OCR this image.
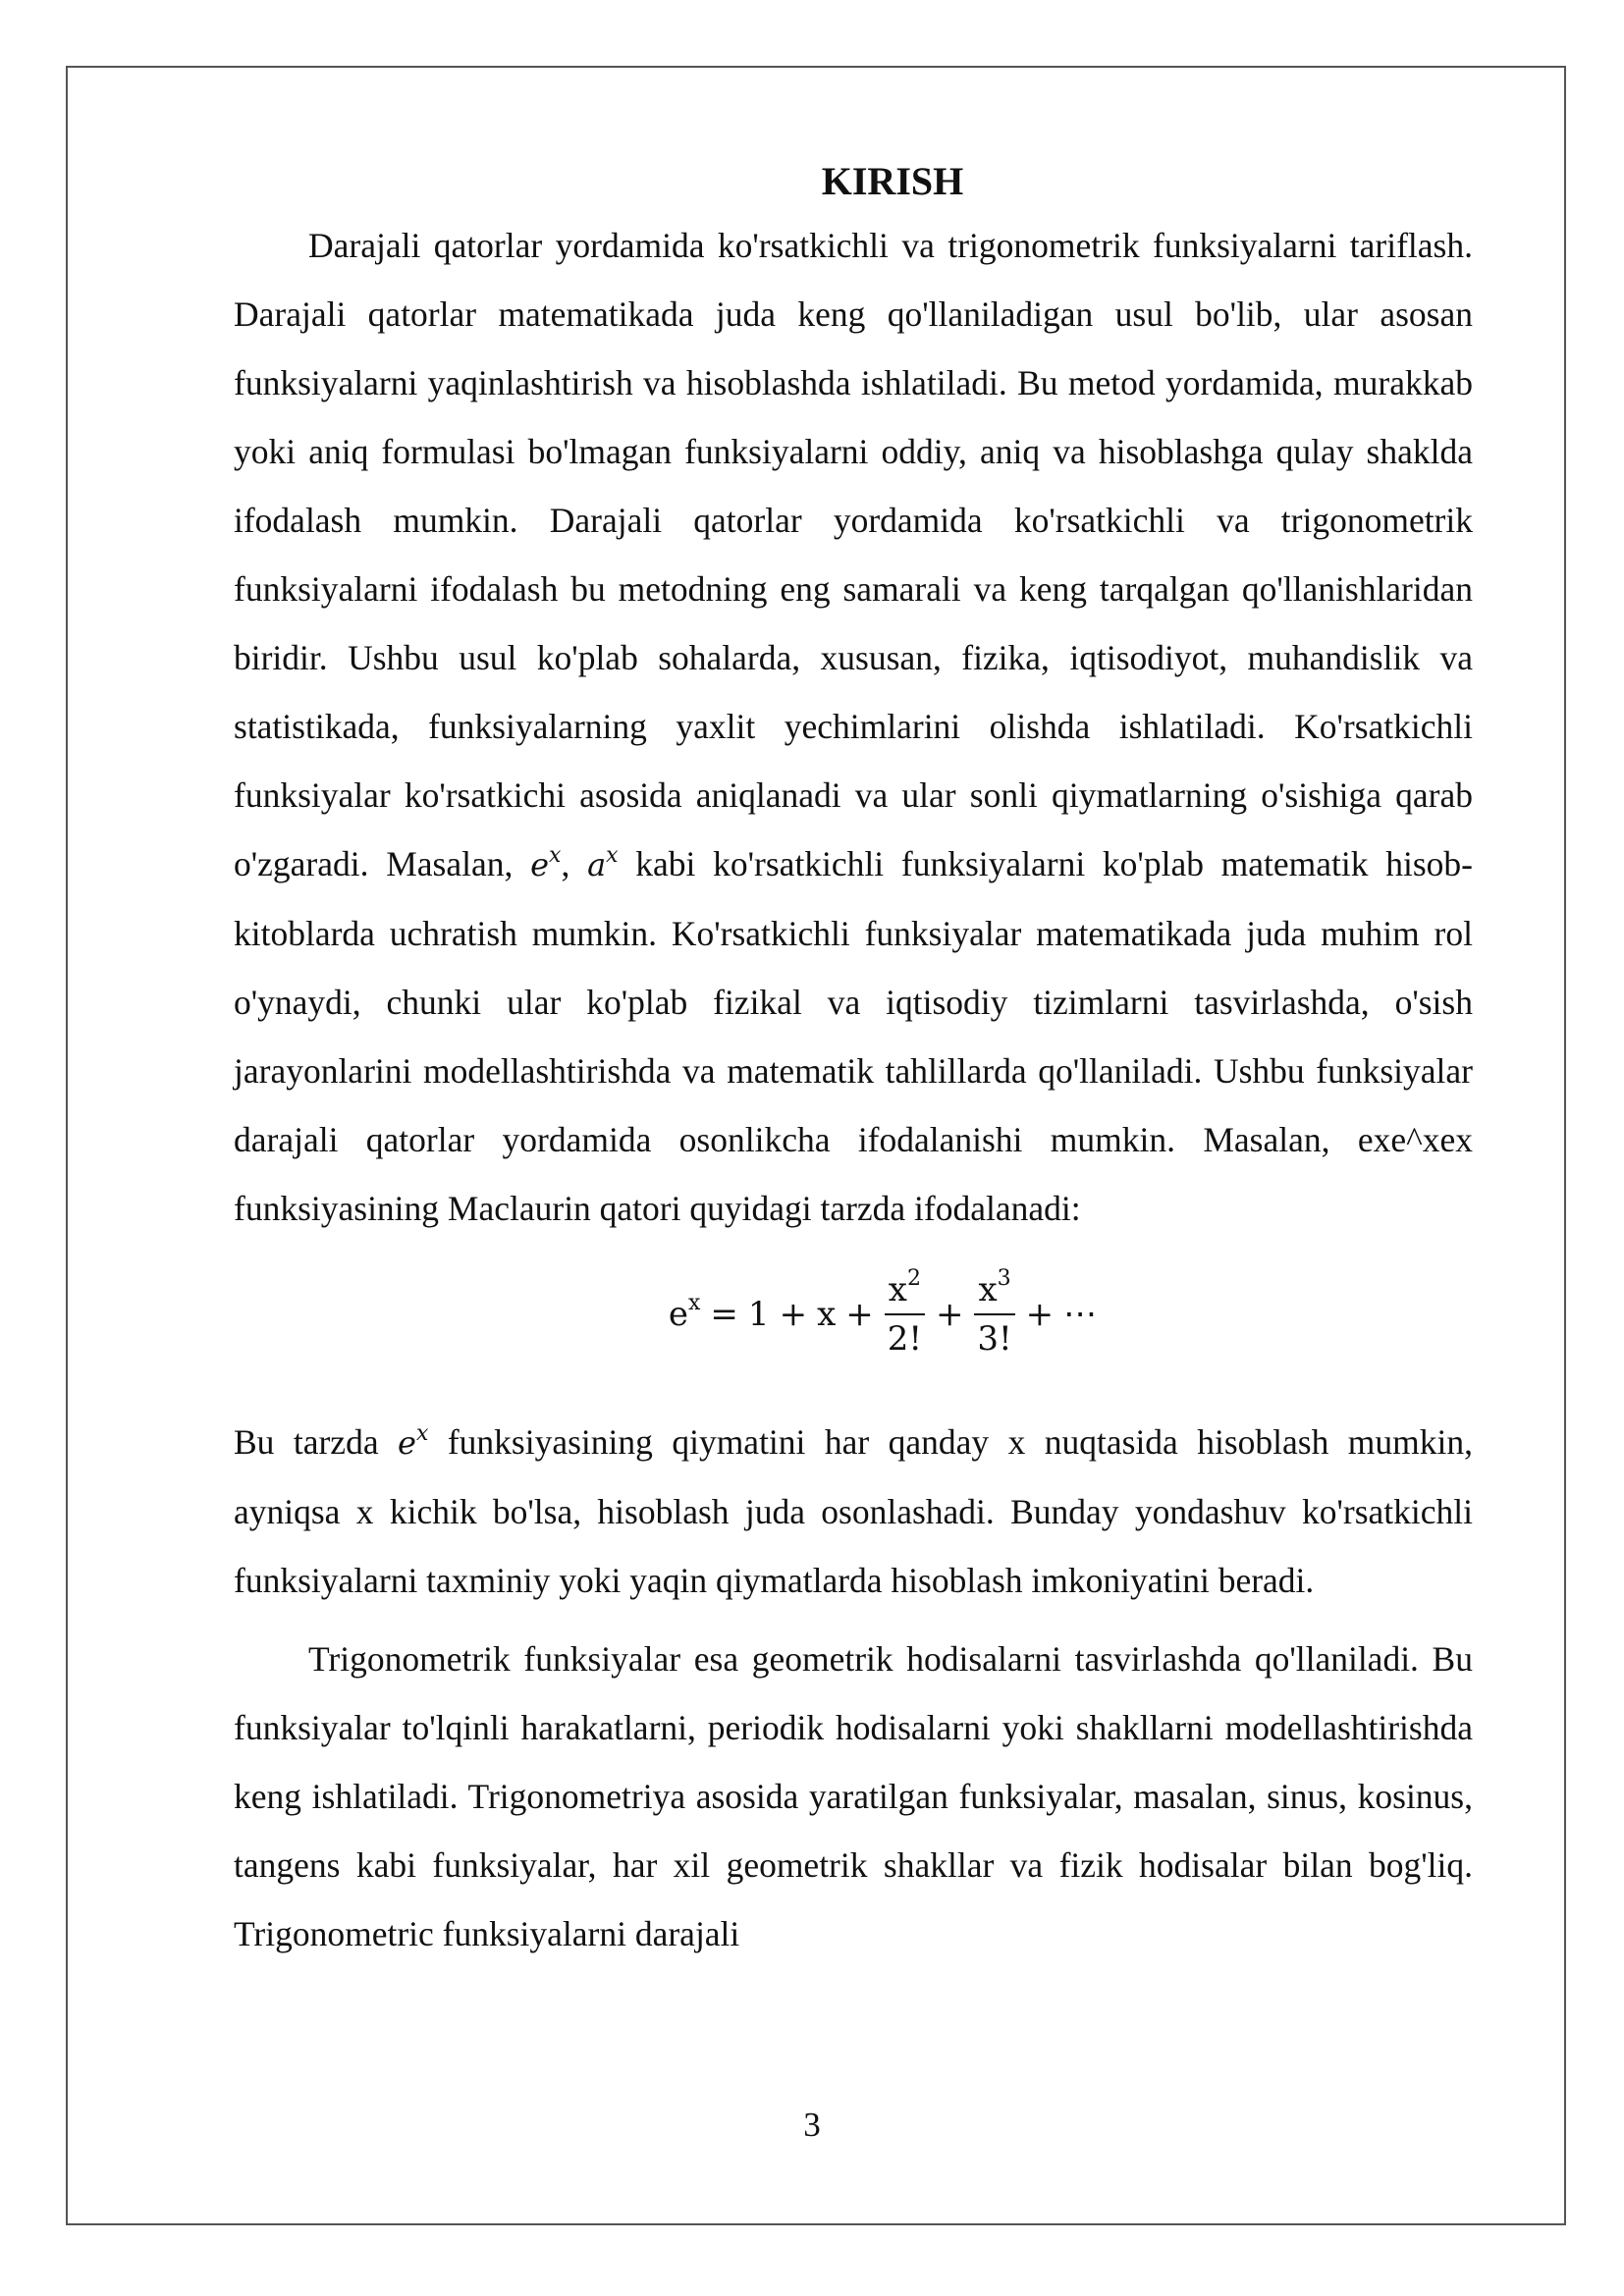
KIRISH

Darajali qatorlar yordamida ko'rsatkichli va trigonometrik funksiyalarni tariflash. Darajali qatorlar matematikada juda keng qo'llaniladigan usul bo'lib, ular asosan funksiyalarni yaqinlashtirish va hisoblashda ishlatiladi. Bu metod yordamida, murakkab yoki aniq formulasi bo'lmagan funksiyalarni oddiy, aniq va hisoblashga qulay shaklda ifodalash mumkin. Darajali qatorlar yordamida ko'rsatkichli va trigonometrik funksiyalarni ifodalash bu metodning eng samarali va keng tarqalgan qo'llanishlaridan biridir. Ushbu usul ko'plab sohalarda, xususan, fizika, iqtisodiyot, muhandislik va statistikada, funksiyalarning yaxlit yechimlarini olishda ishlatiladi. Ko'rsatkichli funksiyalar ko'rsatkichi asosida aniqlanadi va ular sonli qiymatlarning o'sishiga qarab o'zgaradi. Masalan, $e^x$, $a^x$ kabi ko'rsatkichli funksiyalarni ko'plab matematik hisob-kitoblarda uchratish mumkin. Ko'rsatkichli funksiyalar matematikada juda muhim rol o'ynaydi, chunki ular ko'plab fizikal va iqtisodiy tizimlarni tasvirlashda, o'sish jarayonlarini modellashtirishda va matematik tahlillarda qo'llaniladi. Ushbu funksiyalar darajali qatorlar yordamida osonlikcha ifodalanishi mumkin. Masalan, exe^xex funksiyasining Maclaurin qatori quyidagi tarzda ifodalanadi:

$e^x = 1 + x + \frac{x^2}{2!} + \frac{x^3}{3!}$ + ⋯

Bu tarzda $e^x$ funksiyasining qiymatini har qanday x nuqtasida hisoblash mumkin, ayniqsa x kichik bo'lsa, hisoblash juda osonlashadi. Bunday yondashuv ko'rsatkichli funksiyalarni taxminiy yoki yaqin qiymatlarda hisoblash imkoniyatini beradi.

Trigonometrik funksiyalar esa geometrik hodisalarni tasvirlashda qo'llaniladi. Bu funksiyalar to'lqinli harakatlarni, periodik hodisalarni yoki shakllarni modellashtirishda keng ishlatiladi. Trigonometriya asosida yaratilgan funksiyalar, masalan, sinus, kosinus, tangens kabi funksiyalar, har xil geometrik shakllar va fizik hodisalar bilan bog'liq. Trigonometric funksiyalarni darajali

3
